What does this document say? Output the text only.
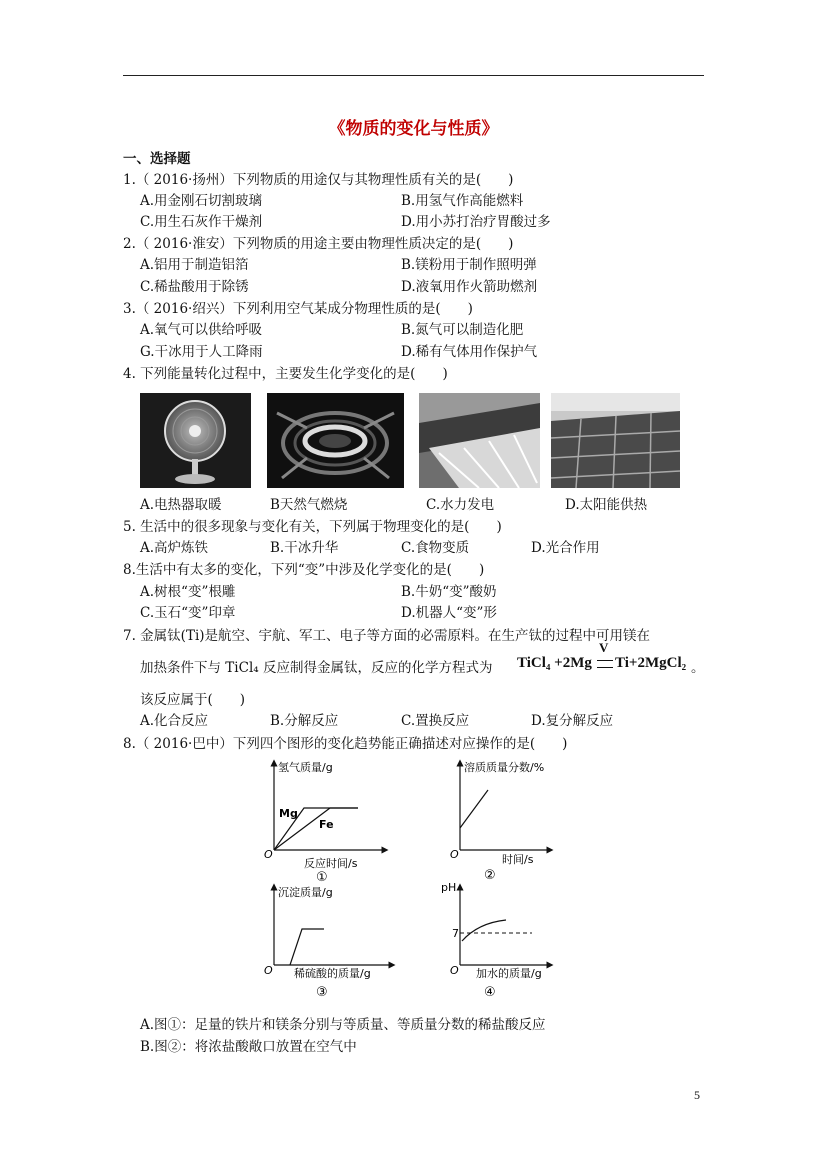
《物质的变化与性质》
一、选择题
1.（ 2016·扬州）下列物质的用途仅与其物理性质有关的是(　　)
A.用金刚石切割玻璃	B.用氢气作高能燃料
C.用生石灰作干燥剂	D.用小苏打治疗胃酸过多
2.（ 2016·淮安）下列物质的用途主要由物理性质决定的是(　　)
A.铝用于制造铝箔	B.镁粉用于制作照明弹
C.稀盐酸用于除锈	D.液氧用作火箭助燃剂
3.（ 2016·绍兴）下列利用空气某成分物理性质的是(　　)
A.氧气可以供给呼吸	B.氮气可以制造化肥
G.干冰用于人工降雨	D.稀有气体用作保护气
4. 下列能量转化过程中，主要发生化学变化的是(　　)
A.电热器取暖	B天然气燃烧	C.水力发电	D.太阳能供热
5. 生活中的很多现象与变化有关，下列属于物理变化的是(　　)
A.高炉炼铁	B.干冰升华	C.食物变质	D.光合作用
8.生活中有太多的变化，下列“变”中涉及化学变化的是(　　)
A.树根“变”根雕	B.牛奶“变”酸奶
C.玉石“变”印章	D.机器人“变”形
7. 金属钛(Ti)是航空、宇航、军工、电子等方面的必需原料。在生产钛的过程中可用镁在
加热条件下与 TiCl₄ 反应制得金属钛，反应的化学方程式为 TiCl₄ +2Mg
V
Ti+2MgCl₂ 。
该反应属于(　　)
A.化合反应	B.分解反应	C.置换反应	D.复分解反应
8.（ 2016·巴中）下列四个图形的变化趋势能正确描述对应操作的是(　　)
氢气质量/g
反应时间/s
O
Mg
Fe
①
溶质质量分数/%
时间/s
O
②
沉淀质量/g
稀硫酸的质量/g
O
③
pH
7
加水的质量/g
O
④
A.图①：足量的铁片和镁条分别与等质量、等质量分数的稀盐酸反应
B.图②：将浓盐酸敞口放置在空气中
5
